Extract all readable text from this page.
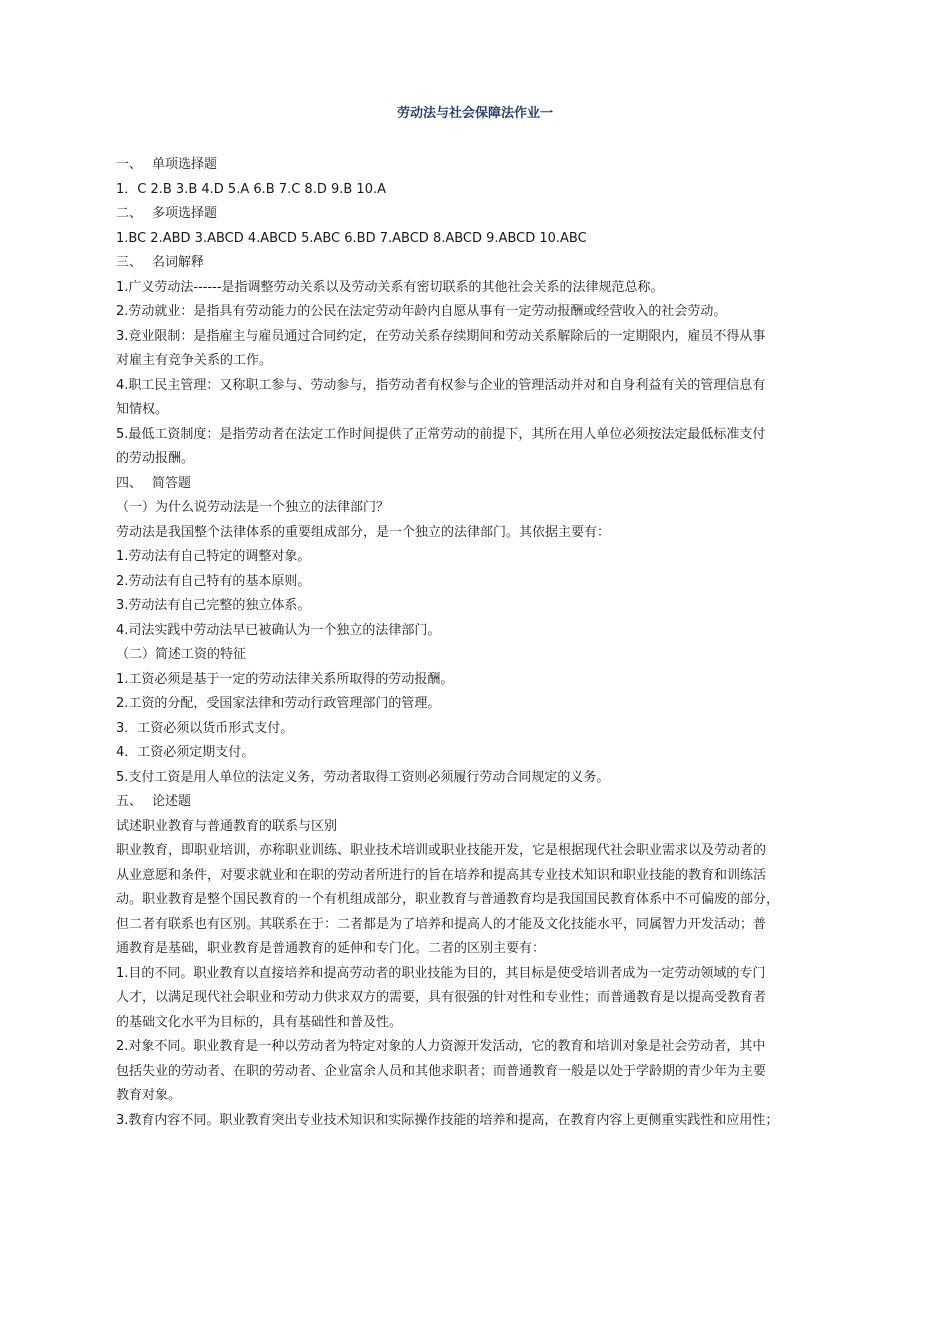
劳动法与社会保障法作业一
一、 单项选择题
1．C 2.B 3.B 4.D 5.A 6.B 7.C 8.D 9.B 10.A
二、 多项选择题
1.BC 2.ABD 3.ABCD 4.ABCD 5.ABC 6.BD 7.ABCD 8.ABCD 9.ABCD 10.ABC
三、 名词解释
1.广义劳动法------是指调整劳动关系以及劳动关系有密切联系的其他社会关系的法律规范总称。
2.劳动就业：是指具有劳动能力的公民在法定劳动年龄内自愿从事有一定劳动报酬或经营收入的社会劳动。
3.竞业限制：是指雇主与雇员通过合同约定，在劳动关系存续期间和劳动关系解除后的一定期限内，雇员不得从事
对雇主有竞争关系的工作。
4.职工民主管理：又称职工参与、劳动参与，指劳动者有权参与企业的管理活动并对和自身利益有关的管理信息有
知情权。
5.最低工资制度：是指劳动者在法定工作时间提供了正常劳动的前提下，其所在用人单位必须按法定最低标准支付
的劳动报酬。
四、 简答题
（一）为什么说劳动法是一个独立的法律部门？
劳动法是我国整个法律体系的重要组成部分，是一个独立的法律部门。其依据主要有：
1.劳动法有自己特定的调整对象。
2.劳动法有自己特有的基本原则。
3.劳动法有自己完整的独立体系。
4.司法实践中劳动法早已被确认为一个独立的法律部门。
（二）简述工资的特征
1.工资必须是基于一定的劳动法律关系所取得的劳动报酬。
2.工资的分配，受国家法律和劳动行政管理部门的管理。
3．工资必须以货币形式支付。
4．工资必须定期支付。
5.支付工资是用人单位的法定义务，劳动者取得工资则必须履行劳动合同规定的义务。
五、 论述题
试述职业教育与普通教育的联系与区别
职业教育，即职业培训，亦称职业训练、职业技术培训或职业技能开发，它是根据现代社会职业需求以及劳动者的
从业意愿和条件，对要求就业和在职的劳动者所进行的旨在培养和提高其专业技术知识和职业技能的教育和训练活
动。职业教育是整个国民教育的一个有机组成部分，职业教育与普通教育均是我国国民教育体系中不可偏废的部分，
但二者有联系也有区别。其联系在于：二者都是为了培养和提高人的才能及文化技能水平，同属智力开发活动；普
通教育是基础，职业教育是普通教育的延伸和专门化。二者的区别主要有：
1.目的不同。职业教育以直接培养和提高劳动者的职业技能为目的，其目标是使受培训者成为一定劳动领域的专门
人才，以满足现代社会职业和劳动力供求双方的需要，具有很强的针对性和专业性；而普通教育是以提高受教育者
的基础文化水平为目标的，具有基础性和普及性。
2.对象不同。职业教育是一种以劳动者为特定对象的人力资源开发活动，它的教育和培训对象是社会劳动者，其中
包括失业的劳动者、在职的劳动者、企业富余人员和其他求职者；而普通教育一般是以处于学龄期的青少年为主要
教育对象。
3.教育内容不同。职业教育突出专业技术知识和实际操作技能的培养和提高，在教育内容上更侧重实践性和应用性；
